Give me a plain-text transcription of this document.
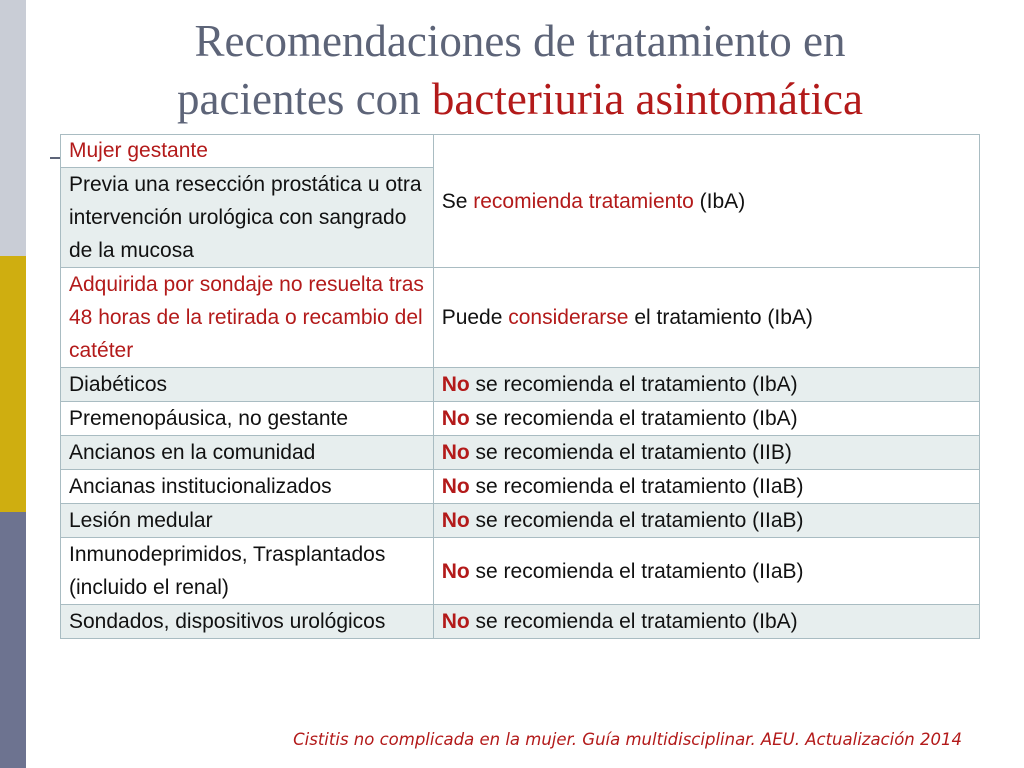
Recomendaciones de tratamiento en
pacientes con bacteriuria asintomática
Mujer gestante	Se recomienda tratamiento (IbA)
Previa una resección prostática u otra intervención urológica con sangrado de la mucosa	
Adquirida por sondaje no resuelta tras 48 horas de la retirada o recambio del catéter	Puede considerarse el tratamiento (IbA)
Diabéticos	No se recomienda el tratamiento (IbA)
Premenopáusica, no gestante	No se recomienda el tratamiento (IbA)
Ancianos en la comunidad	No se recomienda el tratamiento (IIB)
Ancianas institucionalizados	No se recomienda el tratamiento (IIaB)
Lesión medular	No se recomienda el tratamiento (IIaB)
Inmunodeprimidos, Trasplantados (incluido el renal)	No se recomienda el tratamiento (IIaB)
Sondados, dispositivos urológicos	No se recomienda el tratamiento (IbA)
Cistitis no complicada en la mujer. Guía multidisciplinar. AEU. Actualización 2014
